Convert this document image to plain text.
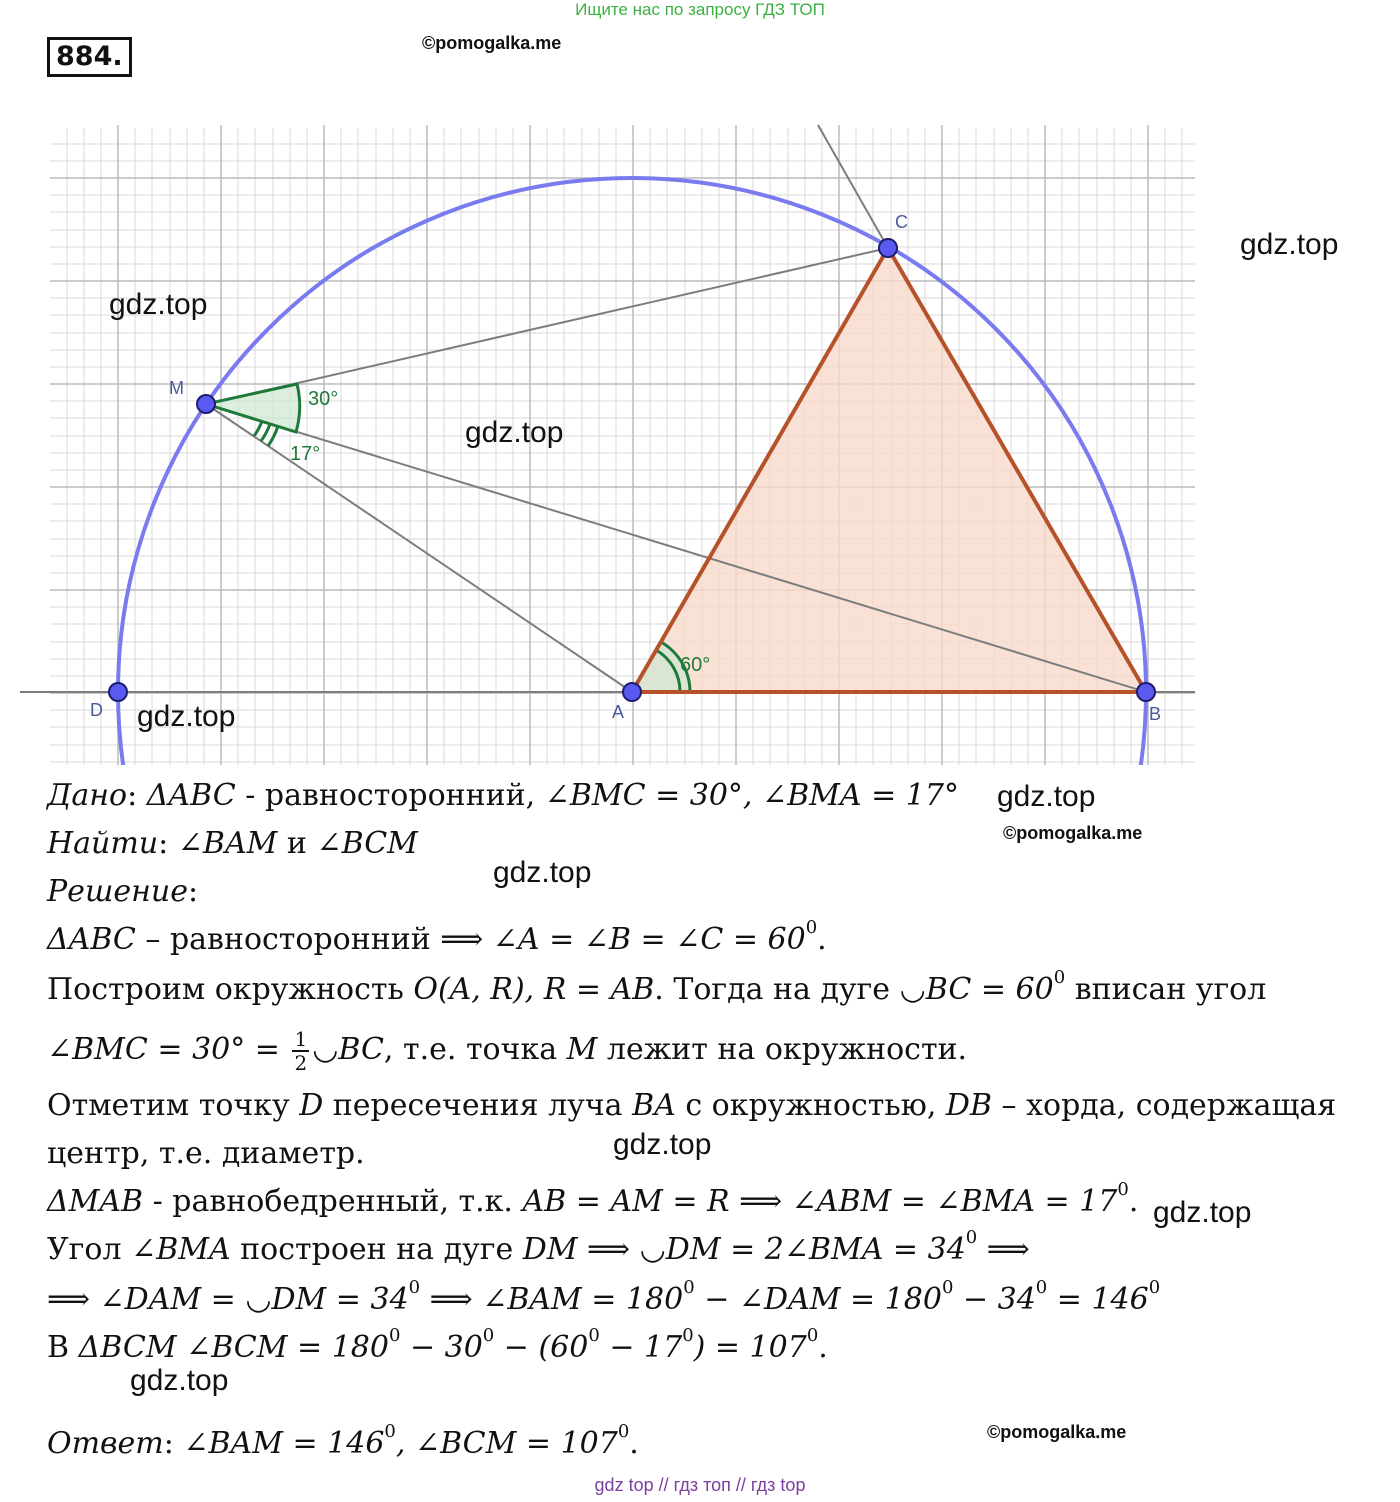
Ищите нас по запросу ГДЗ ТОП
884.	©pomogalka.me
C
M
D	A	B
30°
17°
60°
gdz.top
gdz.top
gdz.top
gdz.top
gdz.top
©pomogalka.me
gdz.top
gdz.top
gdz.top
gdz.top
©pomogalka.me
Дано: ΔABC - равносторонний, ∠BMC = 30°, ∠BMA = 17°
Найти: ∠BAM и ∠BCM
Решение:
ΔABC – равносторонний ⟹ ∠A = ∠B = ∠C = $60^0$.
Построим окружность O(A, R), R = AB. Тогда на дуге ◡BC = $60^0$ вписан угол
∠BMC = $30^\circ = \frac{1}{2}$ ◡BC, т.е. точка M лежит на окружности.
Отметим точку D пересечения луча BA с окружностью, DB – хорда, содержащая
центр, т.е. диаметр.
ΔMAB - равнобедренный, т.к. AB = AM = R ⟹ ∠ABM = ∠BMA = $17^0$.
Угол ∠BMA построен на дуге DM ⟹ ◡DM = 2∠BMA = $34^0$ ⟹
⟹ ∠DAM = ◡DM = $34^0$ ⟹ ∠BAM = $180^0$ − ∠DAM = $180^0 - 34^0 = 146^0$
В ΔBCM ∠BCM = $180^0 - 30^0 - (60^0 - 17^0) = 107^0$.
Ответ: ∠BAM = $146^0$, ∠BCM = $107^0$.
gdz top // гдз топ // гдз top
